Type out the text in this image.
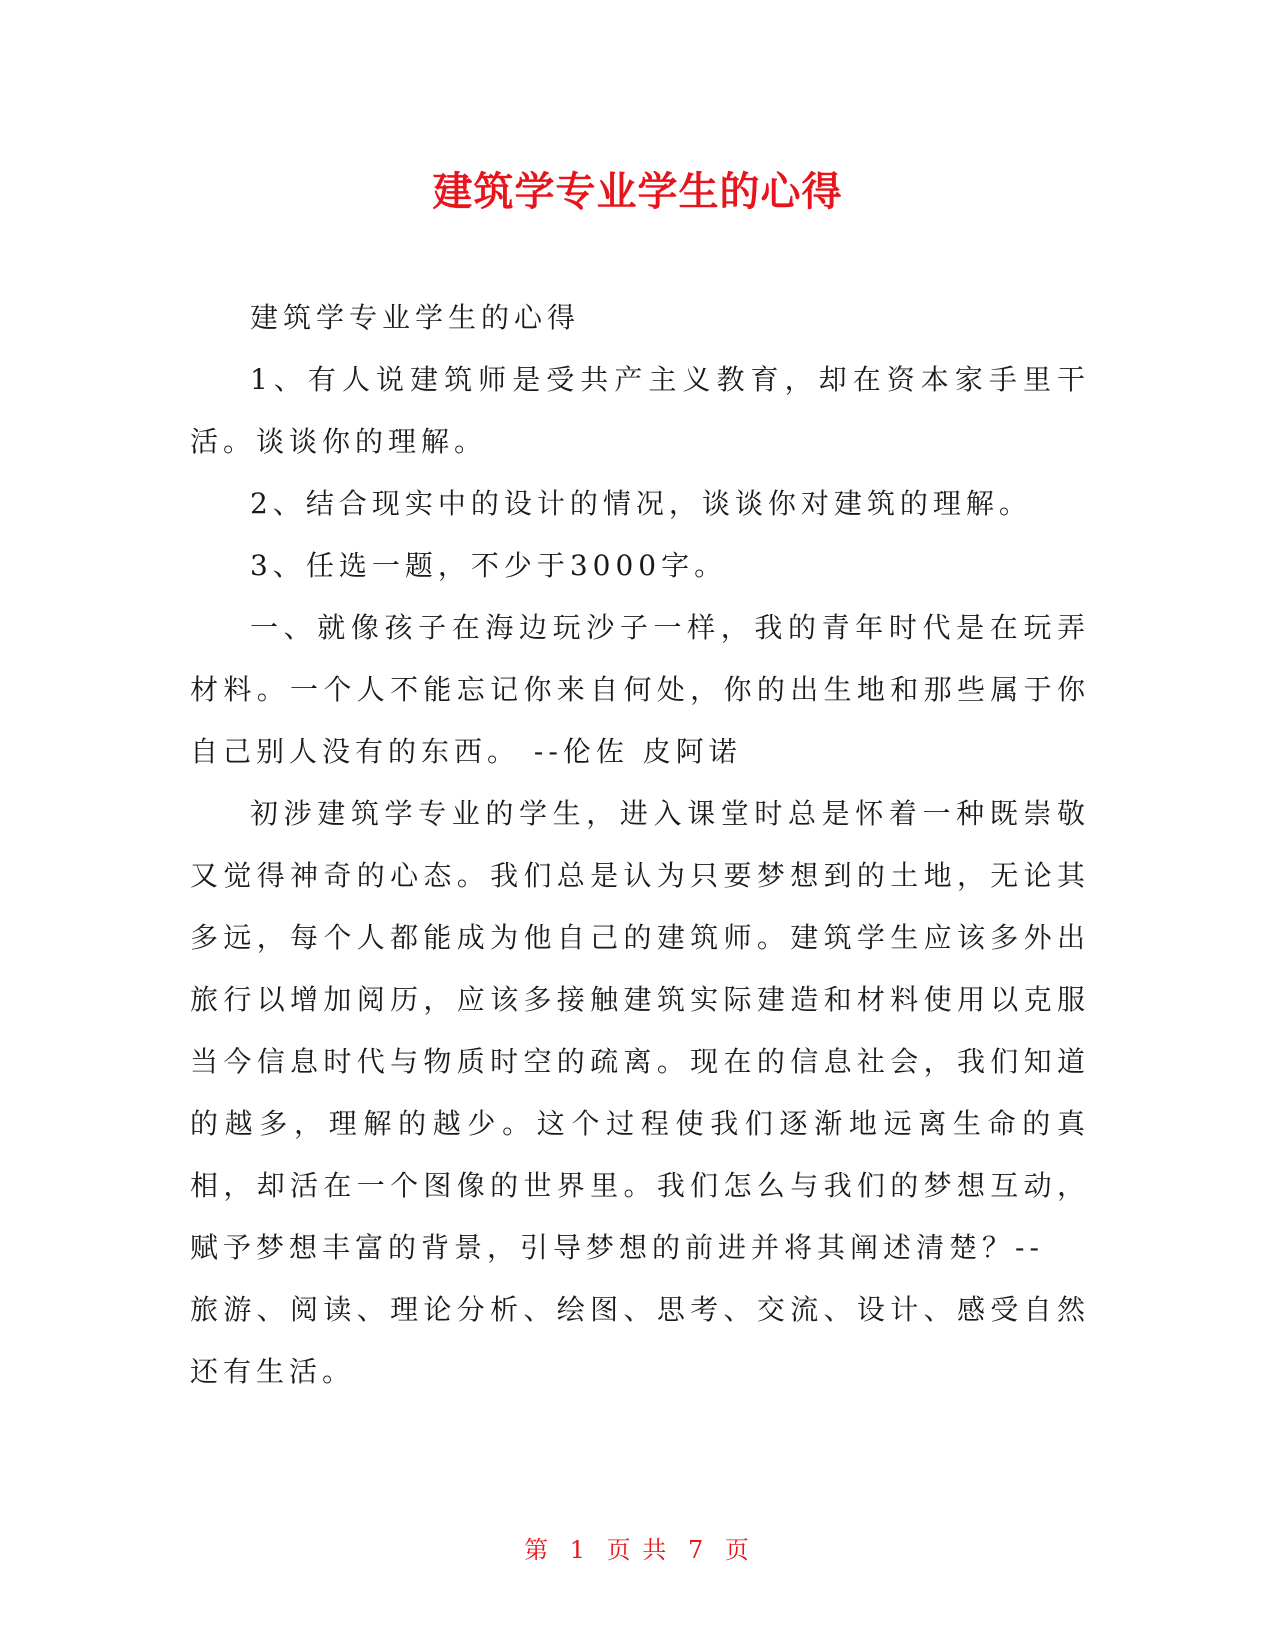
建筑学专业学生的心得

建筑学专业学生的心得

1、有人说建筑师是受共产主义教育，却在资本家手里干活。谈谈你的理解。

2、结合现实中的设计的情况，谈谈你对建筑的理解。

3、任选一题，不少于3000字。

一、就像孩子在海边玩沙子一样，我的青年时代是在玩弄材料。一个人不能忘记你来自何处，你的出生地和那些属于你自己别人没有的东西。 --伦佐 皮阿诺

初涉建筑学专业的学生，进入课堂时总是怀着一种既崇敬又觉得神奇的心态。我们总是认为只要梦想到的土地，无论其多远，每个人都能成为他自己的建筑师。建筑学生应该多外出旅行以增加阅历，应该多接触建筑实际建造和材料使用以克服当今信息时代与物质时空的疏离。现在的信息社会，我们知道的越多，理解的越少。这个过程使我们逐渐地远离生命的真相，却活在一个图像的世界里。我们怎么与我们的梦想互动，赋予梦想丰富的背景，引导梦想的前进并将其阐述清楚？--

旅游、阅读、理论分析、绘图、思考、交流、设计、感受自然还有生活。

第 1 页 共 7 页
